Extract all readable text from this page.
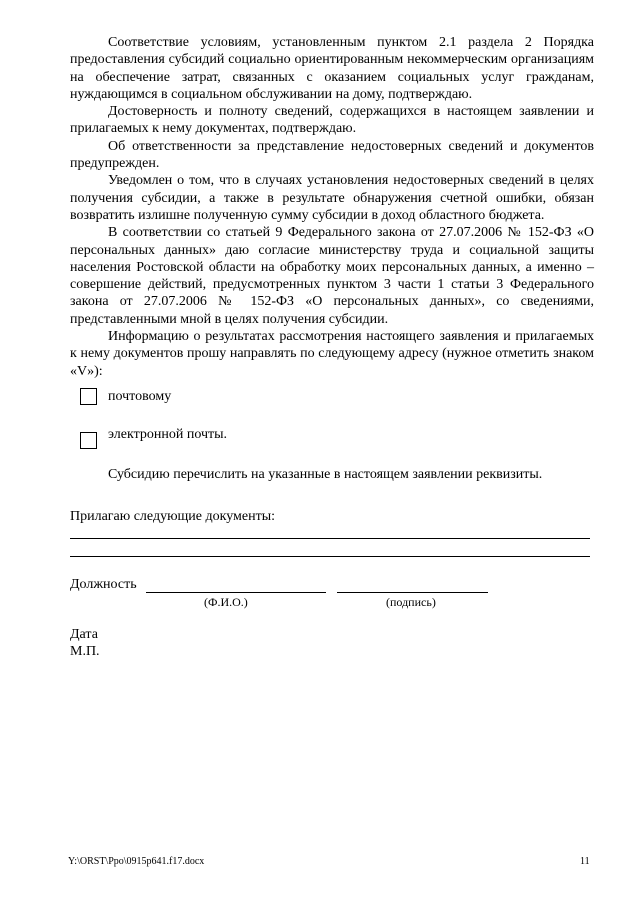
Соответствие условиям, установленным пунктом 2.1 раздела 2 Порядка предоставления субсидий социально ориентированным некоммерческим организациям на обеспечение затрат, связанных с оказанием социальных услуг гражданам, нуждающимся в социальном обслуживании на дому, подтверждаю.

Достоверность и полноту сведений, содержащихся в настоящем заявлении и прилагаемых к нему документах, подтверждаю.

Об ответственности за представление недостоверных сведений и документов предупрежден.

Уведомлен о том, что в случаях установления недостоверных сведений в целях получения субсидии, а также в результате обнаружения счетной ошибки, обязан возвратить излишне полученную сумму субсидии в доход областного бюджета.

В соответствии со статьей 9 Федерального закона от 27.07.2006 № 152-ФЗ «О персональных данных» даю согласие министерству труда и социальной защиты населения Ростовской области на обработку моих персональных данных, а именно – совершение действий, предусмотренных пунктом 3 части 1 статьи 3 Федерального закона от 27.07.2006 № 152-ФЗ «О персональных данных», со сведениями, представленными мной в целях получения субсидии.

Информацию о результатах рассмотрения настоящего заявления и прилагаемых к нему документов прошу направлять по следующему адресу (нужное отметить знаком «V»):

почтовому
электронной почты.

Субсидию перечислить на указанные в настоящем заявлении реквизиты.

Прилагаю следующие документы:
Должность
(Ф.И.О.)	(подпись)
Дата
М.П.
Y:\ORST\Ppo\0915p641.f17.docx	11
